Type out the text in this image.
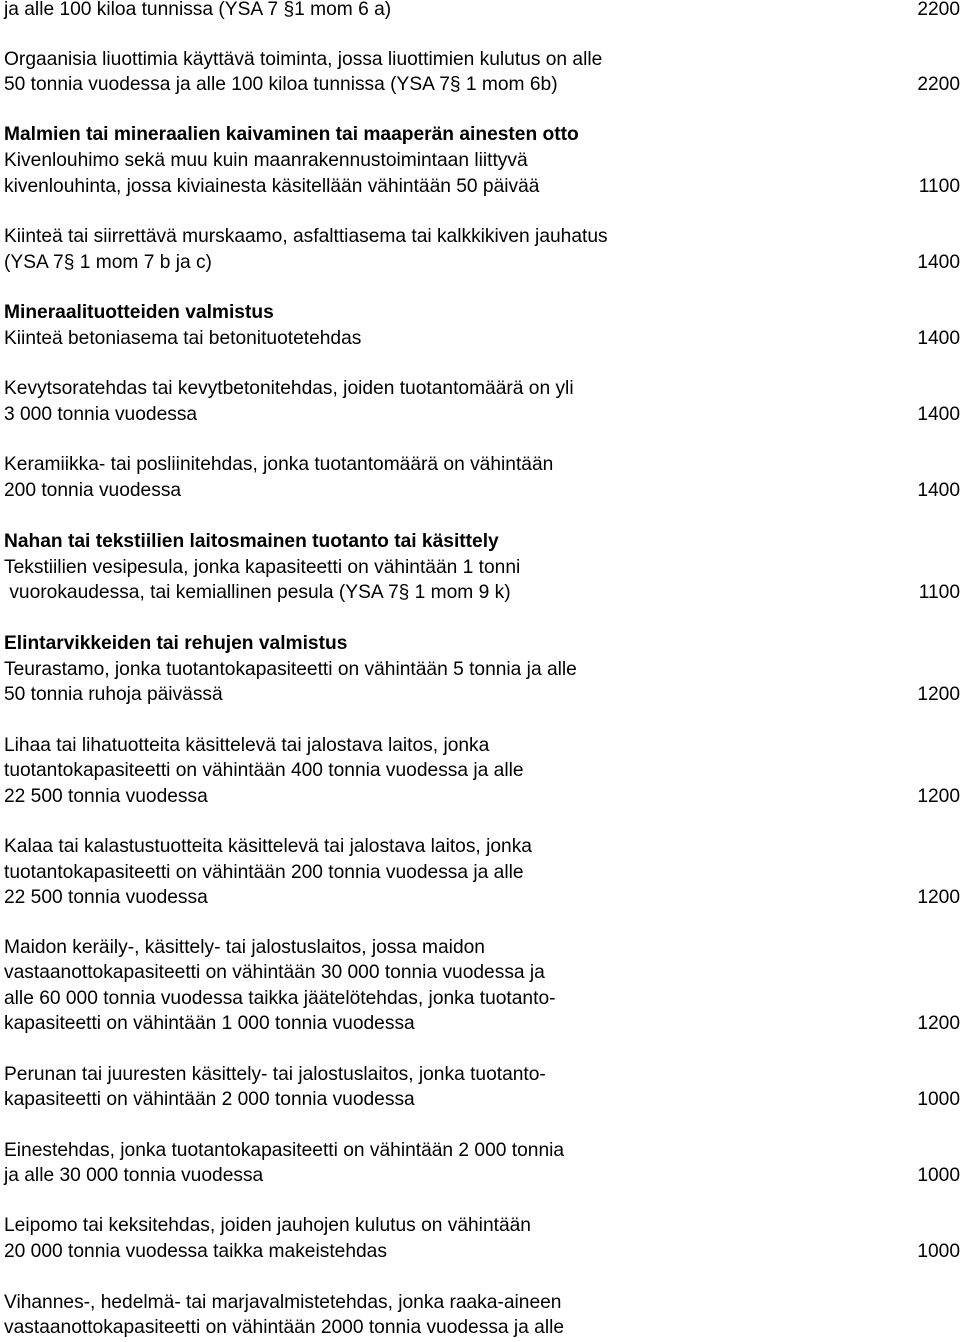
ja alle 100 kiloa tunnissa (YSA 7 §1 mom 6 a)	2200
Orgaanisia liuottimia käyttävä toiminta, jossa liuottimien kulutus on alle
50 tonnia vuodessa ja alle 100 kiloa tunnissa (YSA 7§ 1 mom 6b)	2200
Malmien tai mineraalien kaivaminen tai maaperän ainesten otto
Kivenlouhimo sekä muu kuin maanrakennustoimintaan liittyvä
kivenlouhinta, jossa kiviainesta käsitellään vähintään 50 päivää	1100
Kiinteä tai siirrettävä murskaamo, asfalttiasema tai kalkkikiven jauhatus
(YSA 7§ 1 mom 7 b ja c)	1400
Mineraalituotteiden valmistus
Kiinteä betoniasema tai betonituotetehdas	1400
Kevytsoratehdas tai kevytbetonitehdas, joiden tuotantomäärä on yli
3 000 tonnia vuodessa	1400
Keramiikka- tai posliinitehdas, jonka tuotantomäärä on vähintään
200 tonnia vuodessa	1400
Nahan tai tekstiilien laitosmainen tuotanto tai käsittely
Tekstiilien vesipesula, jonka kapasiteetti on vähintään 1 tonni
vuorokaudessa, tai kemiallinen pesula (YSA 7§ 1 mom 9 k)	1100
Elintarvikkeiden tai rehujen valmistus
Teurastamo, jonka tuotantokapasiteetti on vähintään 5 tonnia ja alle
50 tonnia ruhoja päivässä	1200
Lihaa tai lihatuotteita käsittelevä tai jalostava laitos, jonka
tuotantokapasiteetti on vähintään 400 tonnia vuodessa ja alle
22 500 tonnia vuodessa	1200
Kalaa tai kalastustuotteita käsittelevä tai jalostava laitos, jonka
tuotantokapasiteetti on vähintään 200 tonnia vuodessa ja alle
22 500 tonnia vuodessa	1200
Maidon keräily-, käsittely- tai jalostuslaitos, jossa maidon
vastaanottokapasiteetti on vähintään 30 000 tonnia vuodessa ja
alle 60 000 tonnia vuodessa taikka jäätelötehdas, jonka tuotanto-
kapasiteetti on vähintään 1 000 tonnia vuodessa	1200
Perunan tai juuresten käsittely- tai jalostuslaitos, jonka tuotanto-
kapasiteetti on vähintään 2 000 tonnia vuodessa	1000
Einestehdas, jonka tuotantokapasiteetti on vähintään 2 000 tonnia
ja alle 30 000 tonnia vuodessa	1000
Leipomo tai keksitehdas, joiden jauhojen kulutus on vähintään
20 000 tonnia vuodessa taikka makeistehdas	1000
Vihannes-, hedelmä- tai marjavalmistetehdas, jonka raaka-aineen
vastaanottokapasiteetti on vähintään 2000 tonnia vuodessa ja alle
